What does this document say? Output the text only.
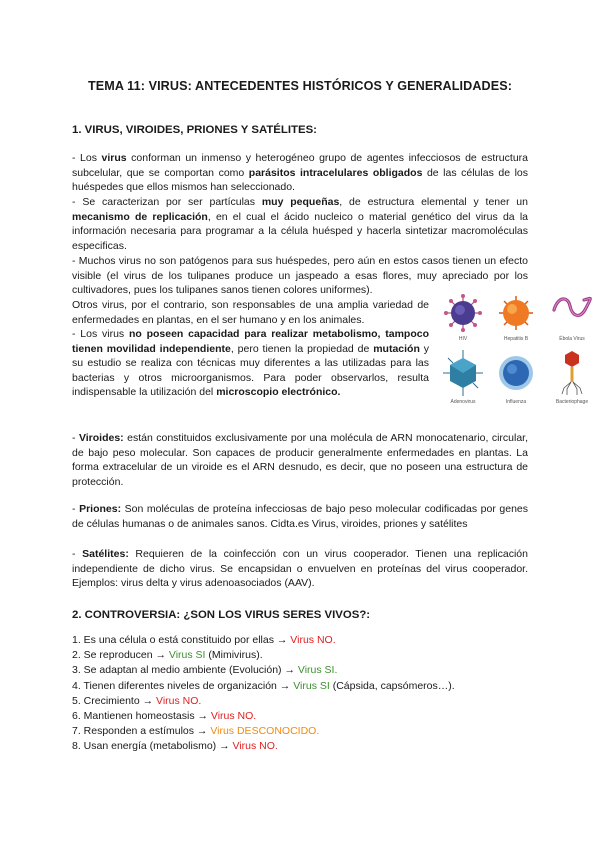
TEMA 11: VIRUS: ANTECEDENTES HISTÓRICOS Y GENERALIDADES:
1. VIRUS, VIROIDES, PRIONES Y SATÉLITES:

- Los virus conforman un inmenso y heterogéneo grupo de agentes infecciosos de estructura subcelular, que se comportan como parásitos intracelulares obligados de las células de los huéspedes que ellos mismos han seleccionado.

- Se caracterizan por ser partículas muy pequeñas, de estructura elemental y tener un mecanismo de replicación, en el cual el ácido nucleico o material genético del virus da la información necesaria para programar a la célula huésped y hacerla sintetizar macromoléculas especificas.

- Muchos virus no son patógenos para sus huéspedes, pero aún en estos casos tienen un efecto visible (el virus de los tulipanes produce un jaspeado a esas flores, muy apreciado por los cultivadores, pues los tulipanes sanos tienen colores uniformes).

Otros virus, por el contrario, son responsables de una amplia variedad de enfermedades en plantas, en el ser humano y en los animales.

- Los virus no poseen capacidad para realizar metabolismo, tampoco tienen movilidad independiente, pero tienen la propiedad de mutación y su estudio se realiza con técnicas muy diferentes a las utilizadas para las bacterias y otros microorganismos. Para poder observarlos, resulta indispensable la utilización del microscopio electrónico.

HIV	Hepatitis B	Ébola Virus
Adenovirus	Influenza	Bacteriophage

- Viroides: están constituidos exclusivamente por una molécula de ARN monocatenario, circular, de bajo peso molecular. Son capaces de producir generalmente enfermedades en plantas. La forma extracelular de un viroide es el ARN desnudo, es decir, que no poseen una estructura de protección.

- Priones: Son moléculas de proteína infecciosas de bajo peso molecular codificadas por genes de células humanas o de animales sanos. Cidta.es Virus, viroides, priones y satélites

- Satélites: Requieren de la coinfección con un virus cooperador. Tienen una replicación independiente de dicho virus. Se encapsidan o envuelven en proteínas del virus cooperador. Ejemplos: virus delta y virus adenoasociados (AAV).

2. CONTROVERSIA: ¿SON LOS VIRUS SERES VIVOS?:
1. Es una célula o está constituido por ellas → Virus NO.
2. Se reproducen → Virus SI (Mimivirus).
3. Se adaptan al medio ambiente (Evolución) → Virus SI.
4. Tienen diferentes niveles de organización → Virus SI (Cápsida, capsómeros…).
5. Crecimiento → Virus NO.
6. Mantienen homeostasis → Virus NO.
7. Responden a estímulos → Virus DESCONOCIDO.
8. Usan energía (metabolismo) → Virus NO.
